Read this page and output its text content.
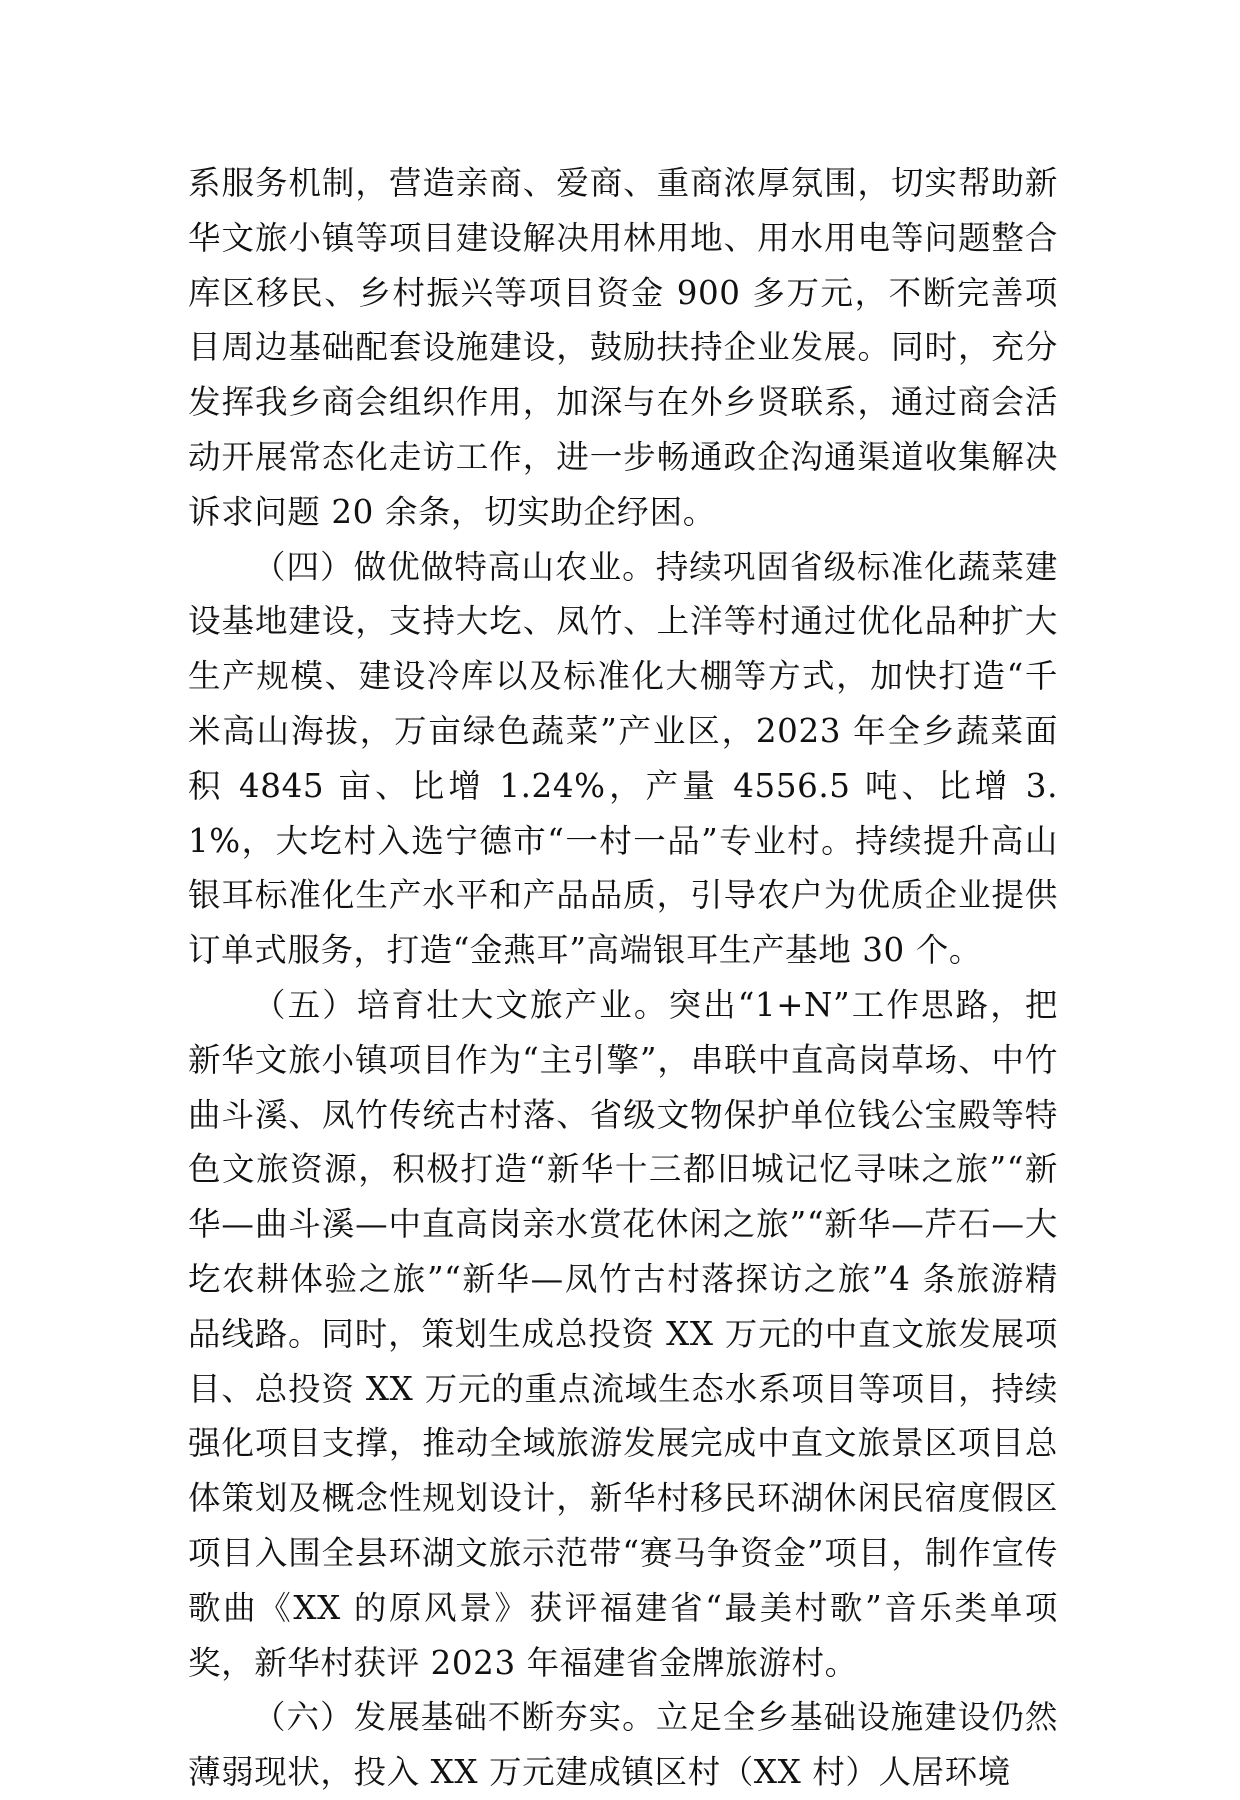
系服务机制，营造亲商、爱商、重商浓厚氛围，切实帮助新华文旅小镇等项目建设解决用林用地、用水用电等问题整合库区移民、乡村振兴等项目资金 900 多万元，不断完善项目周边基础配套设施建设，鼓励扶持企业发展。同时，充分发挥我乡商会组织作用，加深与在外乡贤联系，通过商会活动开展常态化走访工作，进一步畅通政企沟通渠道收集解决诉求问题 20 余条，切实助企纾困。

（四）做优做特高山农业。持续巩固省级标准化蔬菜建设基地建设，支持大圪、凤竹、上洋等村通过优化品种扩大生产规模、建设冷库以及标准化大棚等方式，加快打造“千米高山海拔，万亩绿色蔬菜”产业区，2023 年全乡蔬菜面积 4845 亩、比增 1.24%，产量 4556.5 吨、比增 3.1%，大圪村入选宁德市“一村一品”专业村。持续提升高山银耳标准化生产水平和产品品质，引导农户为优质企业提供订单式服务，打造“金燕耳”高端银耳生产基地 30 个。

（五）培育壮大文旅产业。突出“1+N”工作思路，把新华文旅小镇项目作为“主引擎”，串联中直高岗草场、中竹曲斗溪、凤竹传统古村落、省级文物保护单位钱公宝殿等特色文旅资源，积极打造“新华十三都旧城记忆寻味之旅”“新华—曲斗溪—中直高岗亲水赏花休闲之旅”“新华—芹石—大圪农耕体验之旅”“新华—凤竹古村落探访之旅”4 条旅游精品线路。同时，策划生成总投资 XX 万元的中直文旅发展项目、总投资 XX 万元的重点流域生态水系项目等项目，持续强化项目支撑，推动全域旅游发展完成中直文旅景区项目总体策划及概念性规划设计，新华村移民环湖休闲民宿度假区项目入围全县环湖文旅示范带“赛马争资金”项目，制作宣传歌曲《XX 的原风景》获评福建省“最美村歌”音乐类单项奖，新华村获评 2023 年福建省金牌旅游村。

（六）发展基础不断夯实。立足全乡基础设施建设仍然薄弱现状，投入 XX 万元建成镇区村（XX 村）人居环境
